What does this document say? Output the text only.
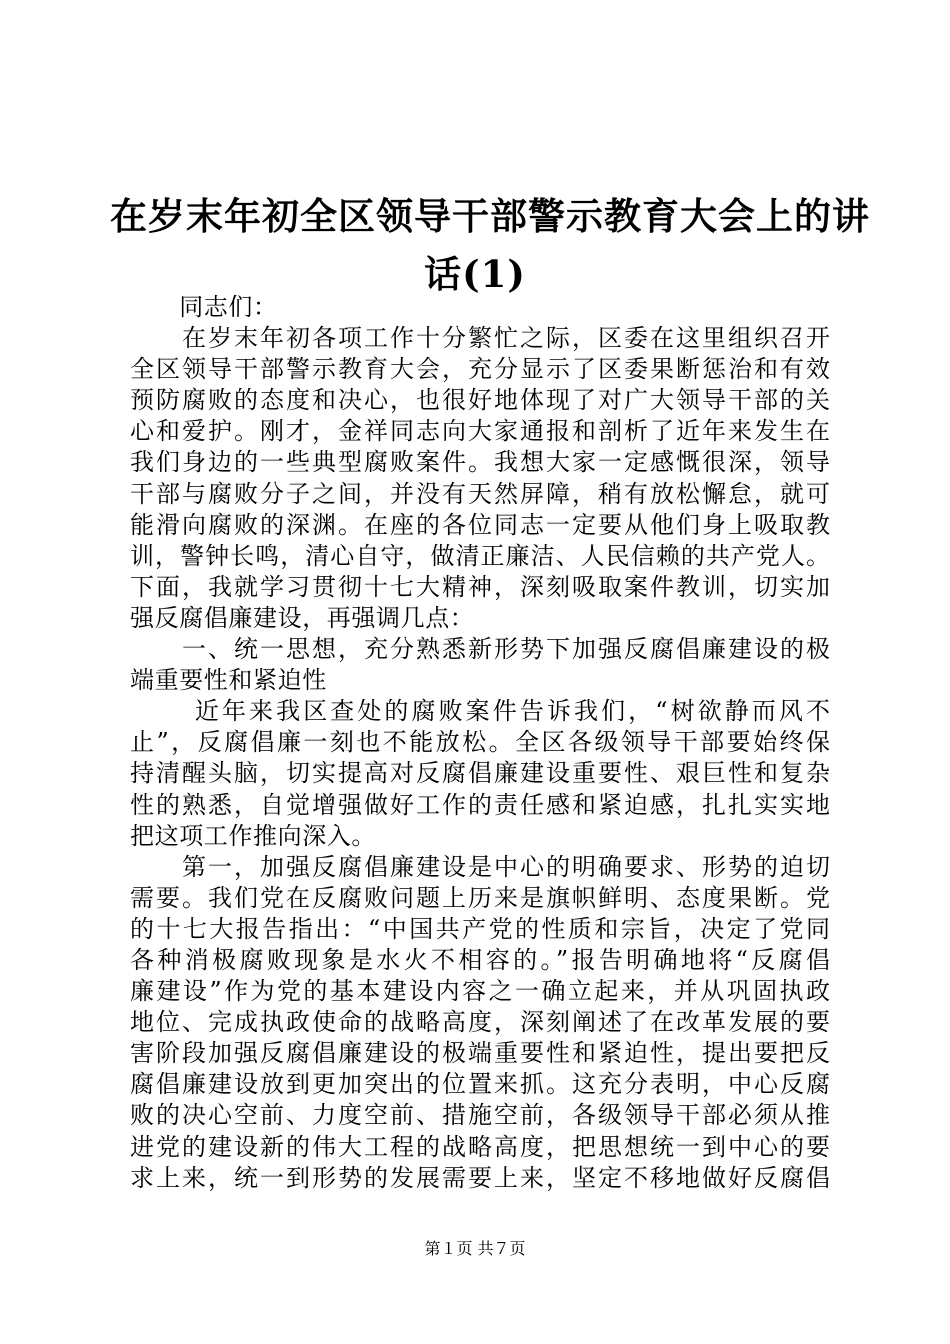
在岁末年初全区领导干部警示教育大会上的讲
话(1)
　　同志们：
　　在岁末年初各项工作十分繁忙之际，区委在这里组织召开
全区领导干部警示教育大会，充分显示了区委果断惩治和有效
预防腐败的态度和决心，也很好地体现了对广大领导干部的关
心和爱护。刚才，金祥同志向大家通报和剖析了近年来发生在
我们身边的一些典型腐败案件。我想大家一定感慨很深，领导
干部与腐败分子之间，并没有天然屏障，稍有放松懈怠，就可
能滑向腐败的深渊。在座的各位同志一定要从他们身上吸取教
训，警钟长鸣，清心自守，做清正廉洁、人民信赖的共产党人。
下面，我就学习贯彻十七大精神，深刻吸取案件教训，切实加
强反腐倡廉建设，再强调几点：
　　一、统一思想，充分熟悉新形势下加强反腐倡廉建设的极
端重要性和紧迫性
　　 近年来我区查处的腐败案件告诉我们，“树欲静而风不
止”，反腐倡廉一刻也不能放松。全区各级领导干部要始终保
持清醒头脑，切实提高对反腐倡廉建设重要性、艰巨性和复杂
性的熟悉，自觉增强做好工作的责任感和紧迫感，扎扎实实地
把这项工作推向深入。
　　第一，加强反腐倡廉建设是中心的明确要求、形势的迫切
需要。我们党在反腐败问题上历来是旗帜鲜明、态度果断。党
的十七大报告指出：“中国共产党的性质和宗旨，决定了党同
各种消极腐败现象是水火不相容的。”报告明确地将“反腐倡
廉建设”作为党的基本建设内容之一确立起来，并从巩固执政
地位、完成执政使命的战略高度，深刻阐述了在改革发展的要
害阶段加强反腐倡廉建设的极端重要性和紧迫性，提出要把反
腐倡廉建设放到更加突出的位置来抓。这充分表明，中心反腐
败的决心空前、力度空前、措施空前，各级领导干部必须从推
进党的建设新的伟大工程的战略高度，把思想统一到中心的要
求上来，统一到形势的发展需要上来，坚定不移地做好反腐倡
第１页 共７页
